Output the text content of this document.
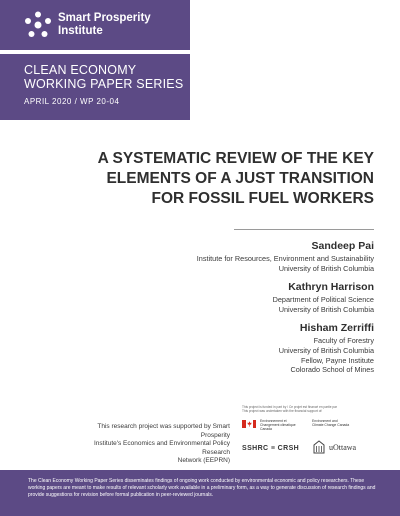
Smart Prosperity
Institute
CLEAN ECONOMY
WORKING PAPER SERIES
APRIL 2020 / WP 20-04
A SYSTEMATIC REVIEW OF THE KEY
ELEMENTS OF A JUST TRANSITION
FOR FOSSIL FUEL WORKERS
Sandeep Pai
Institute for Resources, Environment and Sustainability
University of British Columbia
Kathryn Harrison
Department of Political Science
University of British Columbia
Hisham Zerriffi
Faculty of Forestry
University of British Columbia
Fellow, Payne Institute
Colorado School of Mines
This research project was supported by Smart Prosperity
Institute's Economics and Environmental Policy Research
Network (EEPRN)
This project is funded in part by / Ce projet est financé en partie par
This project was undertaken with the financial support of:
Environnement et
Changement climatique Canada
Environment and
Climate Change Canada
SSHRC ≡ CRSH	uOttawa
The Clean Economy Working Paper Series disseminates findings of ongoing work conducted by environmental economic and policy researchers. These working papers are meant to make results of relevant scholarly work available in a preliminary form, as a way to generate discussion of research findings and provide suggestions for revision before formal publication in peer-reviewed journals.
